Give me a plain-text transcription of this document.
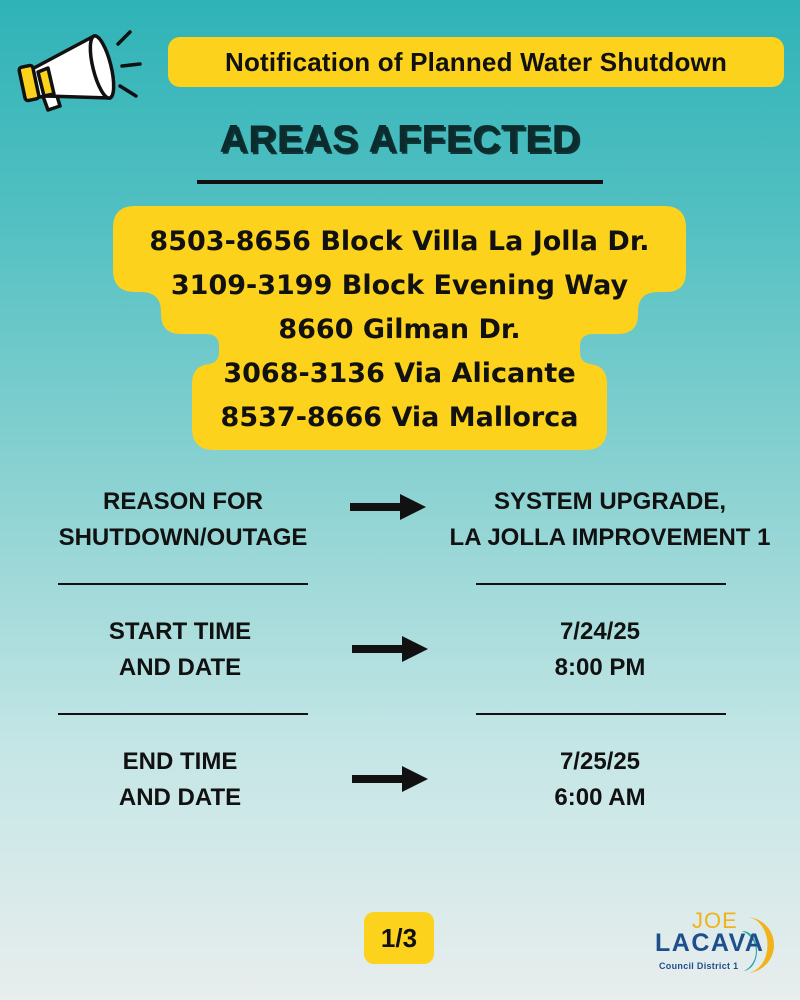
Notification of Planned Water Shutdown
AREAS AFFECTED
8503-8656 Block Villa La Jolla Dr.
3109-3199 Block Evening Way
8660 Gilman Dr.
3068-3136 Via Alicante
8537-8666 Via Mallorca
REASON FOR
SHUTDOWN/OUTAGE
SYSTEM UPGRADE,
LA JOLLA IMPROVEMENT 1
START TIME
AND DATE
7/24/25
8:00 PM
END TIME
AND DATE
7/25/25
6:00 AM
1/3
JOE
LACAVA
Council District 1
